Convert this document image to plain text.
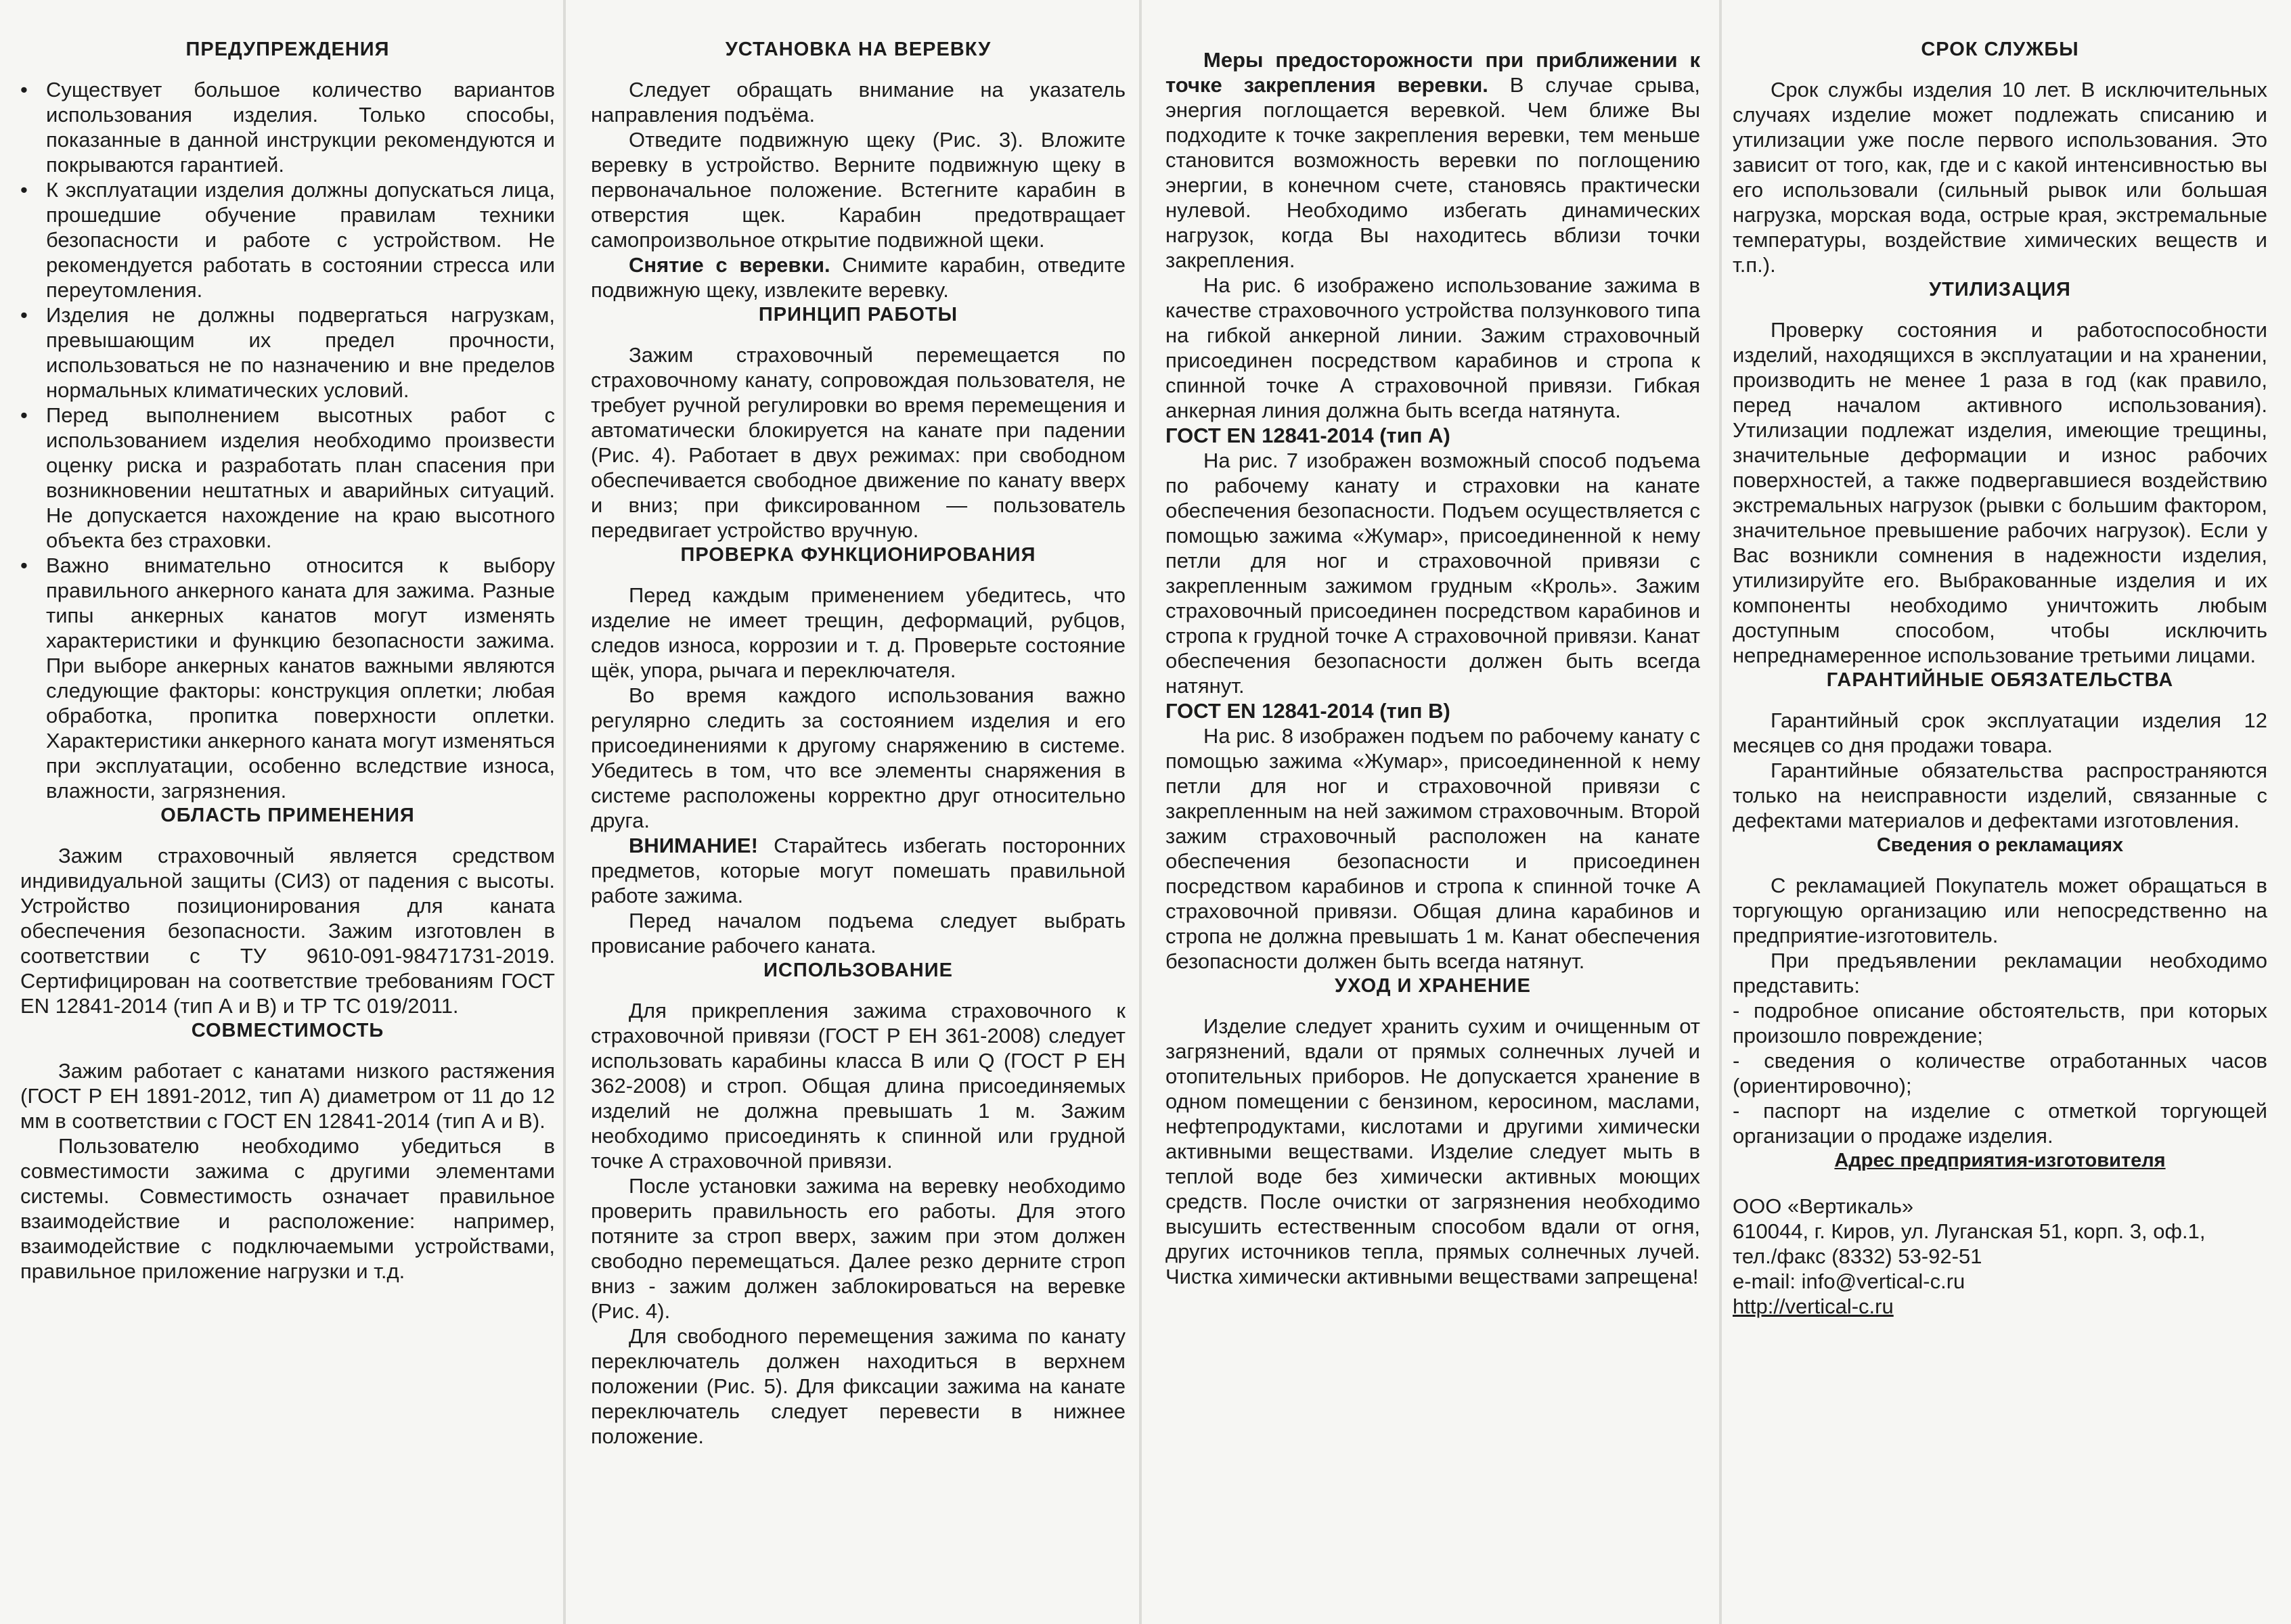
ПРЕДУПРЕЖДЕНИЯ
• Существует большое количество вариантов использования изделия. Только способы, показанные в данной инструкции рекомендуются и покрываются гарантией.
• К эксплуатации изделия должны допускаться лица, прошедшие обучение правилам техники безопасности и работе с устройством. Не рекомендуется работать в состоянии стресса или переутомления.
• Изделия не должны подвергаться нагрузкам, превышающим их предел прочности, использоваться не по назначению и вне пределов нормальных климатических условий.
• Перед выполнением высотных работ с использованием изделия необходимо произвести оценку риска и разработать план спасения при возникновении нештатных и аварийных ситуаций. Не допускается нахождение на краю высотного объекта без страховки.
• Важно внимательно относится к выбору правильного анкерного каната для зажима. Разные типы анкерных канатов могут изменять характеристики и функцию безопасности зажима. При выборе анкерных канатов важными являются следующие факторы: конструкция оплетки; любая обработка, пропитка поверхности оплетки. Характеристики анкерного каната могут изменяться при эксплуатации, особенно вследствие износа, влажности, загрязнения.
ОБЛАСТЬ ПРИМЕНЕНИЯ

Зажим страховочный является средством индивидуальной защиты (СИЗ) от падения с высоты. Устройство позиционирования для каната обеспечения безопасности. Зажим изготовлен в соответствии с ТУ 9610-091-98471731-2019. Сертифицирован на соответствие требованиям ГОСТ EN 12841-2014 (тип А и В) и ТР ТС 019/2011.

СОВМЕСТИМОСТЬ

Зажим работает с канатами низкого растяжения (ГОСТ Р ЕН 1891-2012, тип А) диаметром от 11 до 12 мм в соответствии с ГОСТ EN 12841-2014 (тип А и В).

Пользователю необходимо убедиться в совместимости зажима с другими элементами системы. Совместимость означает правильное взаимодействие и расположение: например, взаимодействие с подключаемыми устройствами, правильное приложение нагрузки и т.д.

УСТАНОВКА НА ВЕРЕВКУ

Следует обращать внимание на указатель направления подъёма.

Отведите подвижную щеку (Рис. 3). Вложите веревку в устройство. Верните подвижную щеку в первоначальное положение. Встегните карабин в отверстия щек. Карабин предотвращает самопроизвольное открытие подвижной щеки.

Снятие с веревки. Снимите карабин, отведите подвижную щеку, извлеките веревку.

ПРИНЦИП РАБОТЫ

Зажим страховочный перемещается по страховочному канату, сопровождая пользователя, не требует ручной регулировки во время перемещения и автоматически блокируется на канате при падении (Рис. 4). Работает в двух режимах: при свободном обеспечивается свободное движение по канату вверх и вниз; при фиксированном — пользователь передвигает устройство вручную.

ПРОВЕРКА ФУНКЦИОНИРОВАНИЯ

Перед каждым применением убедитесь, что изделие не имеет трещин, деформаций, рубцов, следов износа, коррозии и т. д. Проверьте состояние щёк, упора, рычага и переключателя.

Во время каждого использования важно регулярно следить за состоянием изделия и его присоединениями к другому снаряжению в системе. Убедитесь в том, что все элементы снаряжения в системе расположены корректно друг относительно друга.

ВНИМАНИЕ! Старайтесь избегать посторонних предметов, которые могут помешать правильной работе зажима.

Перед началом подъема следует выбрать провисание рабочего каната.

ИСПОЛЬЗОВАНИЕ

Для прикрепления зажима страховочного к страховочной привязи (ГОСТ Р ЕН 361-2008) следует использовать карабины класса В или Q (ГОСТ Р ЕН 362-2008) и строп. Общая длина присоединяемых изделий не должна превышать 1 м. Зажим необходимо присоединять к спинной или грудной точке А страховочной привязи.

После установки зажима на веревку необходимо проверить правильность его работы. Для этого потяните за строп вверх, зажим при этом должен свободно перемещаться. Далее резко дерните строп вниз - зажим должен заблокироваться на веревке (Рис. 4).

Для свободного перемещения зажима по канату переключатель должен находиться в верхнем положении (Рис. 5). Для фиксации зажима на канате переключатель следует перевести в нижнее положение.

Меры предосторожности при приближении к точке закрепления веревки. В случае срыва, энергия поглощается веревкой. Чем ближе Вы подходите к точке закрепления веревки, тем меньше становится возможность веревки по поглощению энергии, в конечном счете, становясь практически нулевой. Необходимо избегать динамических нагрузок, когда Вы находитесь вблизи точки закрепления.

На рис. 6 изображено использование зажима в качестве страховочного устройства ползункового типа на гибкой анкерной линии. Зажим страховочный присоединен посредством карабинов и стропа к спинной точке А страховочной привязи. Гибкая анкерная линия должна быть всегда натянута.

ГОСТ EN 12841-2014 (тип А)

На рис. 7 изображен возможный способ подъема по рабочему канату и страховки на канате обеспечения безопасности. Подъем осуществляется с помощью зажима «Жумар», присоединенной к нему петли для ног и страховочной привязи с закрепленным зажимом грудным «Кроль». Зажим страховочный присоединен посредством карабинов и стропа к грудной точке А страховочной привязи. Канат обеспечения безопасности должен быть всегда натянут.

ГОСТ EN 12841-2014 (тип В)

На рис. 8 изображен подъем по рабочему канату с помощью зажима «Жумар», присоединенной к нему петли для ног и страховочной привязи с закрепленным на ней зажимом страховочным. Второй зажим страховочный расположен на канате обеспечения безопасности и присоединен посредством карабинов и стропа к спинной точке А страховочной привязи. Общая длина карабинов и стропа не должна превышать 1 м. Канат обеспечения безопасности должен быть всегда натянут.

УХОД И ХРАНЕНИЕ

Изделие следует хранить сухим и очищенным от загрязнений, вдали от прямых солнечных лучей и отопительных приборов. Не допускается хранение в одном помещении с бензином, керосином, маслами, нефтепродуктами, кислотами и другими химически активными веществами. Изделие следует мыть в теплой воде без химически активных моющих средств. После очистки от загрязнения необходимо высушить естественным способом вдали от огня, других источников тепла, прямых солнечных лучей. Чистка химически активными веществами запрещена!

СРОК СЛУЖБЫ

Срок службы изделия 10 лет. В исключительных случаях изделие может подлежать списанию и утилизации уже после первого использования. Это зависит от того, как, где и с какой интенсивностью вы его использовали (сильный рывок или большая нагрузка, морская вода, острые края, экстремальные температуры, воздействие химических веществ и т.п.).

УТИЛИЗАЦИЯ

Проверку состояния и работоспособности изделий, находящихся в эксплуатации и на хранении, производить не менее 1 раза в год (как правило, перед началом активного использования). Утилизации подлежат изделия, имеющие трещины, значительные деформации и износ рабочих поверхностей, а также подвергавшиеся воздействию экстремальных нагрузок (рывки с большим фактором, значительное превышение рабочих нагрузок). Если у Вас возникли сомнения в надежности изделия, утилизируйте его. Выбракованные изделия и их компоненты необходимо уничтожить любым доступным способом, чтобы исключить непреднамеренное использование третьими лицами.

ГАРАНТИЙНЫЕ ОБЯЗАТЕЛЬСТВА

Гарантийный срок эксплуатации изделия 12 месяцев со дня продажи товара.

Гарантийные обязательства распространяются только на неисправности изделий, связанные с дефектами материалов и дефектами изготовления.

Сведения о рекламациях

С рекламацией Покупатель может обращаться в торгующую организацию или непосредственно на предприятие-изготовитель.

При предъявлении рекламации необходимо представить:

- подробное описание обстоятельств, при которых произошло повреждение;

- сведения о количестве отработанных часов (ориентировочно);

- паспорт на изделие с отметкой торгующей организации о продаже изделия.

Адрес предприятия-изготовителя

ООО «Вертикаль»

610044, г. Киров, ул. Луганская 51, корп. 3, оф.1,

тел./факс (8332) 53-92-51

e-mail: info@vertical-c.ru

http://vertical-c.ru
